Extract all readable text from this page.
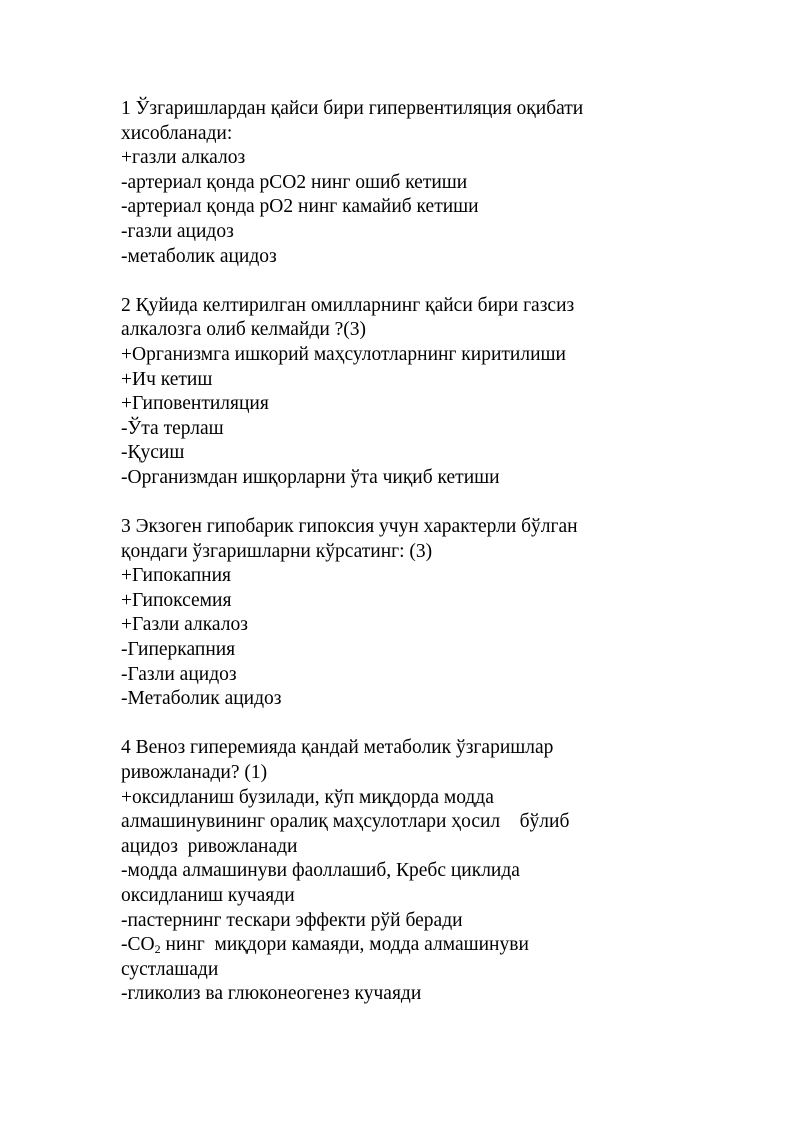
1 Ўзгаришлардан қайси бири гипервентиляция оқибати
хисобланади:
+газли алкалоз
-артериал қонда рСО2 нинг ошиб кетиши
-артериал қонда рО2 нинг камайиб кетиши
-газли ацидоз
-метаболик ацидоз
2 Қуйида келтирилган омилларнинг қайси бири газсиз
алкалозга олиб келмайди ?(3)
+Организмга ишкорий маҳсулотларнинг киритилиши
+Ич кетиш
+Гиповентиляция
-Ўта терлаш
-Қусиш
-Организмдан ишқорларни ўта чиқиб кетиши
3 Экзоген гипобарик гипоксия учун характерли бўлган
қондаги ўзгаришларни кўрсатинг: (3)
+Гипокапния
+Гипоксемия
+Газли алкалоз
-Гиперкапния
-Газли ацидоз
-Метаболик ацидоз
4 Веноз гиперемияда қандай метаболик ўзгаришлар
ривожланади? (1)
+оксидланиш бузилади, кўп миқдорда модда
алмашинувининг оралиқ маҳсулотлари ҳосил    бўлиб
ацидоз  ривожланади
-модда алмашинуви фаоллашиб, Кребс циклида
оксидланиш кучаяди
-пастернинг тескари эффекти рўй беради
$-CO_2$ нинг  миқдори камаяди, модда алмашинуви
сустлашади
-гликолиз ва глюконеогенез кучаяди
